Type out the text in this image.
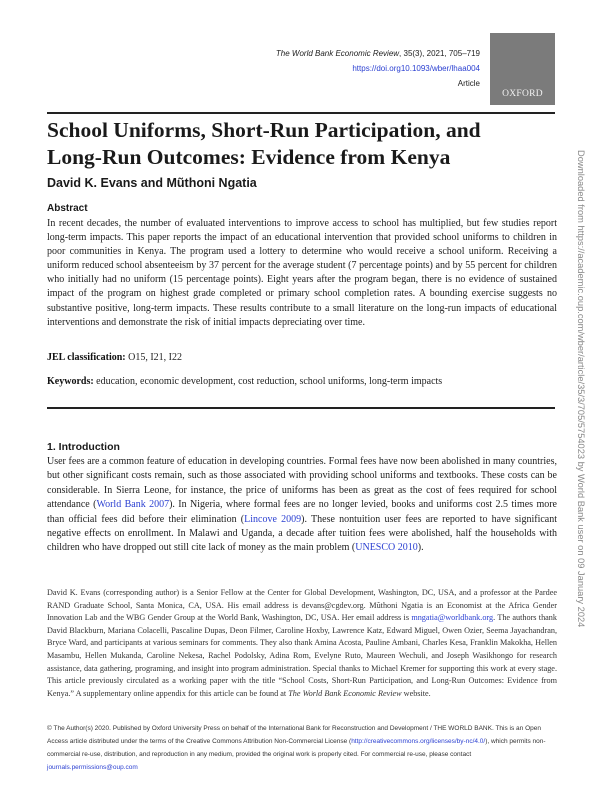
The World Bank Economic Review, 35(3), 2021, 705–719
https://doi.org10.1093/wber/lhaa004
Article
OXFORD
School Uniforms, Short-Run Participation, and
Long-Run Outcomes: Evidence from Kenya
David K. Evans and Mũthoni Ngatia
Abstract

In recent decades, the number of evaluated interventions to improve access to school has multiplied, but few studies report long-term impacts. This paper reports the impact of an educational intervention that provided school uniforms to children in poor communities in Kenya. The program used a lottery to determine who would receive a school uniform. Receiving a uniform reduced school absenteeism by 37 percent for the average student (7 percentage points) and by 55 percent for children who initially had no uniform (15 percentage points). Eight years after the program began, there is no evidence of sustained impact of the program on highest grade completed or primary school completion rates. A bounding exercise suggests no substantive positive, long-term impacts. These results contribute to a small literature on the long-run impacts of educational interventions and demonstrate the risk of initial impacts depreciating over time.

JEL classification: O15, I21, I22
Keywords: education, economic development, cost reduction, school uniforms, long-term impacts
1. Introduction

User fees are a common feature of education in developing countries. Formal fees have now been abolished in many countries, but other significant costs remain, such as those associated with providing school uniforms and textbooks. These costs can be considerable. In Sierra Leone, for instance, the price of uniforms has been as great as the cost of fees required for school attendance (World Bank 2007). In Nigeria, where formal fees are no longer levied, books and uniforms cost 2.5 times more than official fees did before their elimination (Lincove 2009). These nontuition user fees are reported to have significant negative effects on enrollment. In Malawi and Uganda, a decade after tuition fees were abolished, half the households with children who have dropped out still cite lack of money as the main problem (UNESCO 2010).

David K. Evans (corresponding author) is a Senior Fellow at the Center for Global Development, Washington, DC, USA, and a professor at the Pardee RAND Graduate School, Santa Monica, CA, USA. His email address is devans@cgdev.org. Mũthoni Ngatia is an Economist at the Africa Gender Innovation Lab and the WBG Gender Group at the World Bank, Washington, DC, USA. Her email address is mngatia@worldbank.org. The authors thank David Blackburn, Mariana Colacelli, Pascaline Dupas, Deon Filmer, Caroline Hoxby, Lawrence Katz, Edward Miguel, Owen Ozier, Seema Jayachandran, Bryce Ward, and participants at various seminars for comments. They also thank Amina Acosta, Pauline Ambani, Charles Kesa, Franklin Makokha, Hellen Masambu, Hellen Mukanda, Caroline Nekesa, Rachel Podolsky, Adina Rom, Evelyne Ruto, Maureen Wechuli, and Joseph Wasikhongo for research assistance, data gathering, programing, and insight into program administration. Special thanks to Michael Kremer for supporting this work at every stage. This article previously circulated as a working paper with the title “School Costs, Short-Run Participation, and Long-Run Outcomes: Evidence from Kenya.” A supplementary online appendix for this article can be found at The World Bank Economic Review website.

© The Author(s) 2020. Published by Oxford University Press on behalf of the International Bank for Reconstruction and Development / THE WORLD BANK. This is an Open Access article distributed under the terms of the Creative Commons Attribution Non-Commercial License (http://creativecommons.org/licenses/by-nc/4.0/), which permits non-commercial re-use, distribution, and reproduction in any medium, provided the original work is properly cited. For commercial re-use, please contact journals.permissions@oup.com

Downloaded from https://academic.oup.com/wber/article/35/3/705/5754023 by World Bank user on 09 January 2024
